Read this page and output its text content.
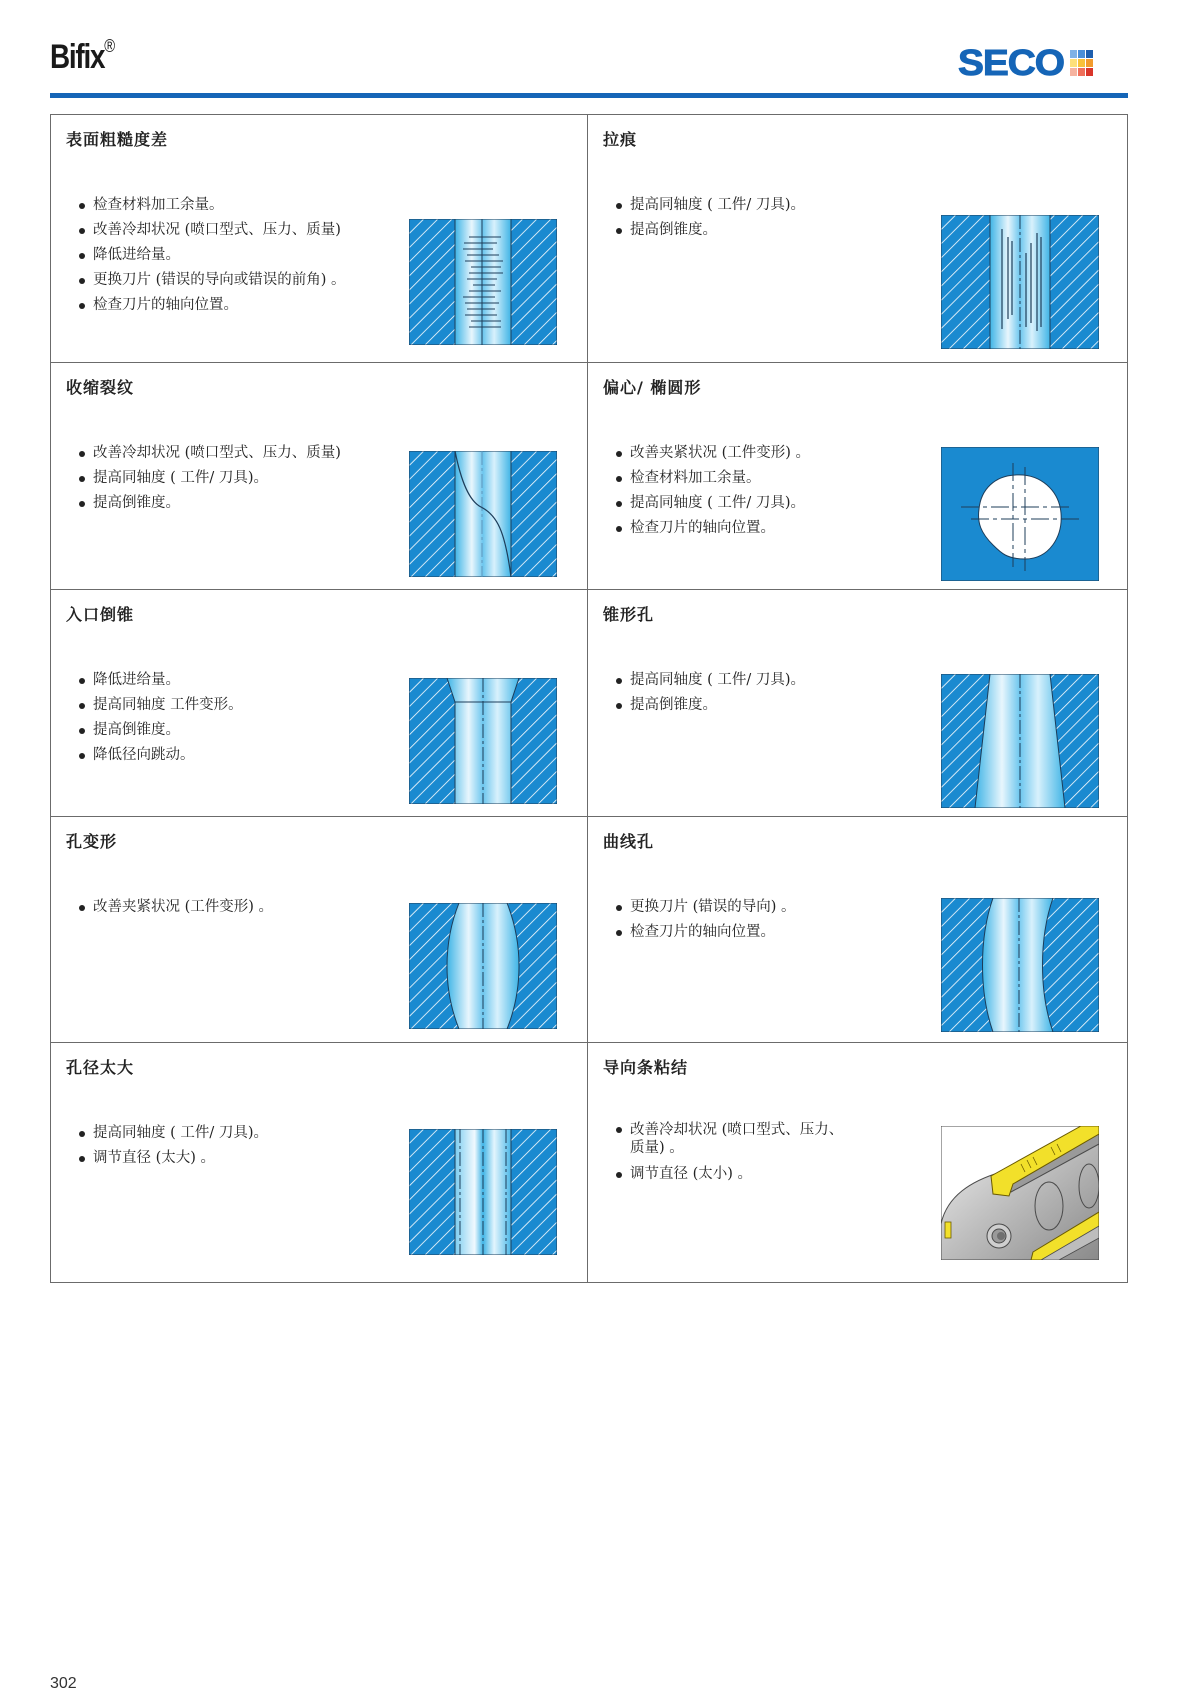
Bifix®	SECO
表面粗糙度差
检查材料加工余量。
改善冷却状况 (喷口型式、压力、质量)
降低进给量。
更换刀片 (错误的导向或错误的前角) 。
检查刀片的轴向位置。
拉痕
提高同轴度 ( 工件/ 刀具)。
提高倒锥度。
收缩裂纹
改善冷却状况 (喷口型式、压力、质量)
提高同轴度 ( 工件/ 刀具)。
提高倒锥度。
偏心/ 椭圆形
改善夹紧状况 (工件变形) 。
检查材料加工余量。
提高同轴度 ( 工件/ 刀具)。
检查刀片的轴向位置。
入口倒锥
降低进给量。
提高同轴度 工件变形。
提高倒锥度。
降低径向跳动。
锥形孔
提高同轴度 ( 工件/ 刀具)。
提高倒锥度。
孔变形
改善夹紧状况 (工件变形) 。
曲线孔
更换刀片 (错误的导向) 。
检查刀片的轴向位置。
孔径太大
提高同轴度 ( 工件/ 刀具)。
调节直径 (太大) 。
导向条粘结
改善冷却状况 (喷口型式、压力、质量) 。
调节直径 (太小) 。
302
